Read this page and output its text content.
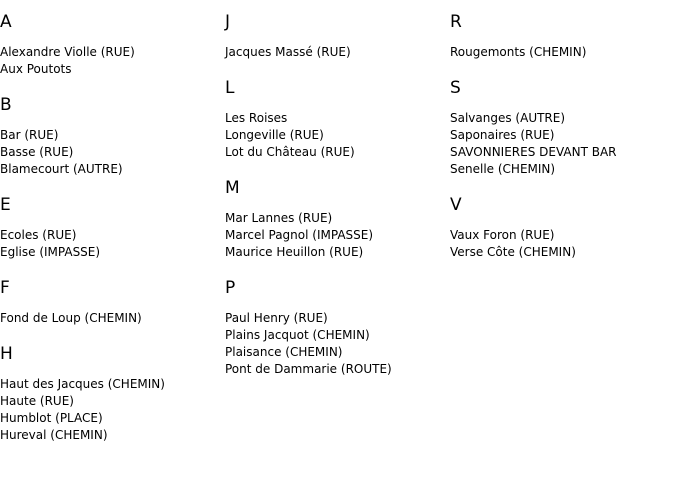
A
Alexandre Violle (RUE)
Aux Poutots
B
Bar (RUE)
Basse (RUE)
Blamecourt (AUTRE)
E
Ecoles (RUE)
Eglise (IMPASSE)
F
Fond de Loup (CHEMIN)
H
Haut des Jacques (CHEMIN)
Haute (RUE)
Humblot (PLACE)
Hureval (CHEMIN)
J
Jacques Massé (RUE)
L
Les Roises
Longeville (RUE)
Lot du Château (RUE)
M
Mar Lannes (RUE)
Marcel Pagnol (IMPASSE)
Maurice Heuillon (RUE)
P
Paul Henry (RUE)
Plains Jacquot (CHEMIN)
Plaisance (CHEMIN)
Pont de Dammarie (ROUTE)
R
Rougemonts (CHEMIN)
S
Salvanges (AUTRE)
Saponaires (RUE)
SAVONNIERES DEVANT BAR
Senelle (CHEMIN)
V
Vaux Foron (RUE)
Verse Côte (CHEMIN)
